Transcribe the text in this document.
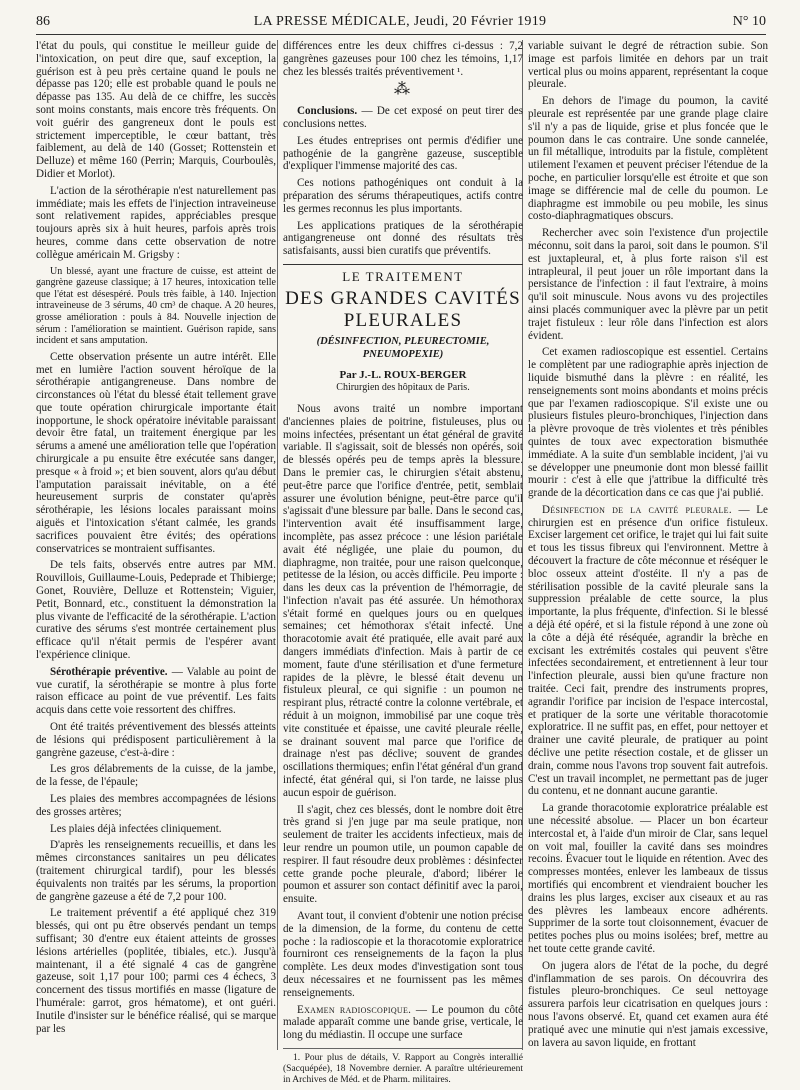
86	LA PRESSE MÉDICALE, Jeudi, 20 Février 1919	N° 10

l'état du pouls, qui constitue le meilleur guide de l'intoxication, on peut dire que, sauf exception, la guérison est à peu près certaine quand le pouls ne dépasse pas 120; elle est probable quand le pouls ne dépasse pas 135. Au delà de ce chiffre, les succès sont moins constants, mais encore très fréquents. On voit guérir des gangreneux dont le pouls est strictement imperceptible, le cœur battant, très faiblement, au delà de 140 (Gosset; Rottenstein et Delluze) et même 160 (Perrin; Marquis, Courboulès, Didier et Morlot).

L'action de la sérothérapie n'est naturellement pas immédiate; mais les effets de l'injection intraveineuse sont relativement rapides, appréciables presque toujours après six à huit heures, parfois après trois heures, comme dans cette observation de notre collègue américain M. Grigsby :

Un blessé, ayant une fracture de cuisse, est atteint de gangrène gazeuse classique; à 17 heures, intoxication telle que l'état est désespéré. Pouls très faible, à 140. Injection intraveineuse de 3 sérums, 40 cm³ de chaque. A 20 heures, grosse amélioration : pouls à 84. Nouvelle injection de sérum : l'amélioration se maintient. Guérison rapide, sans incident et sans amputation.

Cette observation présente un autre intérêt. Elle met en lumière l'action souvent héroïque de la sérothérapie antigangreneuse. Dans nombre de circonstances où l'état du blessé était tellement grave que toute opération chirurgicale importante était inopportune, le shock opératoire inévitable paraissant devoir être fatal, un traitement énergique par les sérums a amené une amélioration telle que l'opération chirurgicale a pu ensuite être exécutée sans danger, presque « à froid »; et bien souvent, alors qu'au début l'amputation paraissait inévitable, on a été heureusement surpris de constater qu'après sérothérapie, les lésions locales paraissant moins aiguës et l'intoxication s'étant calmée, les grands sacrifices pouvaient être évités; des opérations conservatrices se montraient suffisantes.

De tels faits, observés entre autres par MM. Rouvillois, Guillaume-Louis, Pedeprade et Thibierge; Gonet, Rouvière, Delluze et Rottenstein; Viguier, Petit, Bonnard, etc., constituent la démonstration la plus vivante de l'efficacité de la sérothérapie. L'action curative des sérums s'est montrée certainement plus efficace qu'il n'était permis de l'espérer avant l'expérience clinique.

Sérothérapie préventive. — Valable au point de vue curatif, la sérothérapie se montre à plus forte raison efficace au point de vue préventif. Les faits acquis dans cette voie ressortent des chiffres.

Ont été traités préventivement des blessés atteints de lésions qui prédisposent particulièrement à la gangrène gazeuse, c'est-à-dire :

Les gros délabrements de la cuisse, de la jambe, de la fesse, de l'épaule;

Les plaies des membres accompagnées de lésions des grosses artères;

Les plaies déjà infectées cliniquement.

D'après les renseignements recueillis, et dans les mêmes circonstances sanitaires un peu délicates (traitement chirurgical tardif), pour les blessés équivalents non traités par les sérums, la proportion de gangrène gazeuse a été de 7,2 pour 100.

Le traitement préventif a été appliqué chez 319 blessés, qui ont pu être observés pendant un temps suffisant; 30 d'entre eux étaient atteints de grosses lésions artérielles (poplitée, tibiales, etc.). Jusqu'à maintenant, il a été signalé 4 cas de gangrène gazeuse, soit 1,17 pour 100; parmi ces 4 échecs, 3 concernent des tissus mortifiés en masse (ligature de l'humérale: garrot, gros hématome), et ont guéri. Inutile d'insister sur le bénéfice réalisé, qui se marque par les

différences entre les deux chiffres ci-dessus : 7,2 gangrènes gazeuses pour 100 chez les témoins, 1,17 chez les blessés traités préventivement ¹.

⁂

Conclusions. — De cet exposé on peut tirer des conclusions nettes.

Les études entreprises ont permis d'édifier une pathogénie de la gangrène gazeuse, susceptible d'expliquer l'immense majorité des cas.

Ces notions pathogéniques ont conduit à la préparation des sérums thérapeutiques, actifs contre les germes reconnus les plus importants.

Les applications pratiques de la sérothérapie antigangreneuse ont donné des résultats très satisfaisants, aussi bien curatifs que préventifs.

LE TRAITEMENT
DES GRANDES CAVITÉS PLEURALES
(DÉSINFECTION, PLEURECTOMIE, PNEUMOPEXIE)
Par J.-L. ROUX-BERGER
Chirurgien des hôpitaux de Paris.

Nous avons traité un nombre important d'anciennes plaies de poitrine, fistuleuses, plus ou moins infectées, présentant un état général de gravité variable. Il s'agissait, soit de blessés non opérés, soit de blessés opérés peu de temps après la blessure. Dans le premier cas, le chirurgien s'était abstenu, peut-être parce que l'orifice d'entrée, petit, semblait assurer une évolution bénigne, peut-être parce qu'il s'agissait d'une blessure par balle. Dans le second cas, l'intervention avait été insuffisamment large, incomplète, pas assez précoce : une lésion pariétale avait été négligée, une plaie du poumon, du diaphragme, non traitée, pour une raison quelconque, petitesse de la lésion, ou accès difficile. Peu importe : dans les deux cas la prévention de l'hémorragie, de l'infection n'avait pas été assurée. Un hémothorax s'était formé en quelques jours ou en quelques semaines; cet hémothorax s'était infecté. Une thoracotomie avait été pratiquée, elle avait paré aux dangers immédiats d'infection. Mais à partir de ce moment, faute d'une stérilisation et d'une fermeture rapides de la plèvre, le blessé était devenu un fistuleux pleural, ce qui signifie : un poumon ne respirant plus, rétracté contre la colonne vertébrale, et réduit à un moignon, immobilisé par une coque très vite constituée et épaisse, une cavité pleurale réelle, se drainant souvent mal parce que l'orifice de drainage n'est pas déclive; souvent de grandes oscillations thermiques; enfin l'état général d'un grand infecté, état général qui, si l'on tarde, ne laisse plus aucun espoir de guérison.

Il s'agit, chez ces blessés, dont le nombre doit être très grand si j'en juge par ma seule pratique, non seulement de traiter les accidents infectieux, mais de leur rendre un poumon utile, un poumon capable de respirer. Il faut résoudre deux problèmes : désinfecter cette grande poche pleurale, d'abord; libérer le poumon et assurer son contact définitif avec la paroi, ensuite.

Avant tout, il convient d'obtenir une notion précise de la dimension, de la forme, du contenu de cette poche : la radioscopie et la thoracotomie exploratrice fourniront ces renseignements de la façon la plus complète. Les deux modes d'investigation sont tous deux nécessaires et ne fournissent pas les mêmes renseignements.

Examen radioscopique. — Le poumon du côté malade apparaît comme une bande grise, verticale, le long du médiastin. Il occupe une surface

1. Pour plus de détails, V. Rapport au Congrès interallié (Sacquépée), 18 Novembre dernier. A paraître ultérieurement in Archives de Méd. et de Pharm. militaires.

variable suivant le degré de rétraction subie. Son image est parfois limitée en dehors par un trait vertical plus ou moins apparent, représentant la coque pleurale.

En dehors de l'image du poumon, la cavité pleurale est représentée par une grande plage claire s'il n'y a pas de liquide, grise et plus foncée que le poumon dans le cas contraire. Une sonde cannelée, un fil métallique, introduits par la fistule, complètent utilement l'examen et peuvent préciser l'étendue de la poche, en particulier lorsqu'elle est étroite et que son image se différencie mal de celle du poumon. Le diaphragme est immobile ou peu mobile, les sinus costo-diaphragmatiques obscurs.

Rechercher avec soin l'existence d'un projectile méconnu, soit dans la paroi, soit dans le poumon. S'il est juxtapleural, et, à plus forte raison s'il est intrapleural, il peut jouer un rôle important dans la persistance de l'infection : il faut l'extraire, à moins qu'il soit minuscule. Nous avons vu des projectiles ainsi placés communiquer avec la plèvre par un petit trajet fistuleux : leur rôle dans l'infection est alors évident.

Cet examen radioscopique est essentiel. Certains le complètent par une radiographie après injection de liquide bismuthé dans la plèvre : en réalité, les renseignements sont moins abondants et moins précis que par l'examen radioscopique. S'il existe une ou plusieurs fistules pleuro-bronchiques, l'injection dans la plèvre provoque de très violentes et très pénibles quintes de toux avec expectoration bismuthée immédiate. A la suite d'un semblable incident, j'ai vu se développer une pneumonie dont mon blessé faillit mourir : c'est à elle que j'attribue la difficulté très grande de la décortication dans ce cas que j'ai publié.

Désinfection de la cavité pleurale. — Le chirurgien est en présence d'un orifice fistuleux. Exciser largement cet orifice, le trajet qui lui fait suite et tous les tissus fibreux qui l'environnent. Mettre à découvert la fracture de côte méconnue et réséquer le bloc osseux atteint d'ostéite. Il n'y a pas de stérilisation possible de la cavité pleurale sans la suppression préalable de cette source, la plus importante, la plus fréquente, d'infection. Si le blessé a déjà été opéré, et si la fistule répond à une zone où la côte a déjà été réséquée, agrandir la brèche en excisant les extrémités costales qui peuvent s'être infectées secondairement, et entretiennent à leur tour l'infection pleurale, aussi bien qu'une fracture non traitée. Ceci fait, prendre des instruments propres, agrandir l'orifice par incision de l'espace intercostal, et pratiquer de la sorte une véritable thoracotomie exploratrice. Il ne suffit pas, en effet, pour nettoyer et drainer une cavité pleurale, de pratiquer au point déclive une petite résection costale, et de glisser un drain, comme nous l'avons trop souvent fait autrefois. C'est un travail incomplet, ne permettant pas de juger du contenu, et ne donnant aucune garantie.

La grande thoracotomie exploratrice préalable est une nécessité absolue. — Placer un bon écarteur intercostal et, à l'aide d'un miroir de Clar, sans lequel on voit mal, fouiller la cavité dans ses moindres recoins. Évacuer tout le liquide en rétention. Avec des compresses montées, enlever les lambeaux de tissus mortifiés qui encombrent et viendraient boucher les drains les plus larges, exciser aux ciseaux et au ras des plèvres les lambeaux encore adhérents. Supprimer de la sorte tout cloisonnement, évacuer de petites poches plus ou moins isolées; bref, mettre au net toute cette grande cavité.

On jugera alors de l'état de la poche, du degré d'inflammation de ses parois. On découvrira des fistules pleuro-bronchiques. Ce seul nettoyage assurera parfois leur cicatrisation en quelques jours : nous l'avons observé. Et, quand cet examen aura été pratiqué avec une minutie qui n'est jamais excessive, on lavera au savon liquide, en frottant
